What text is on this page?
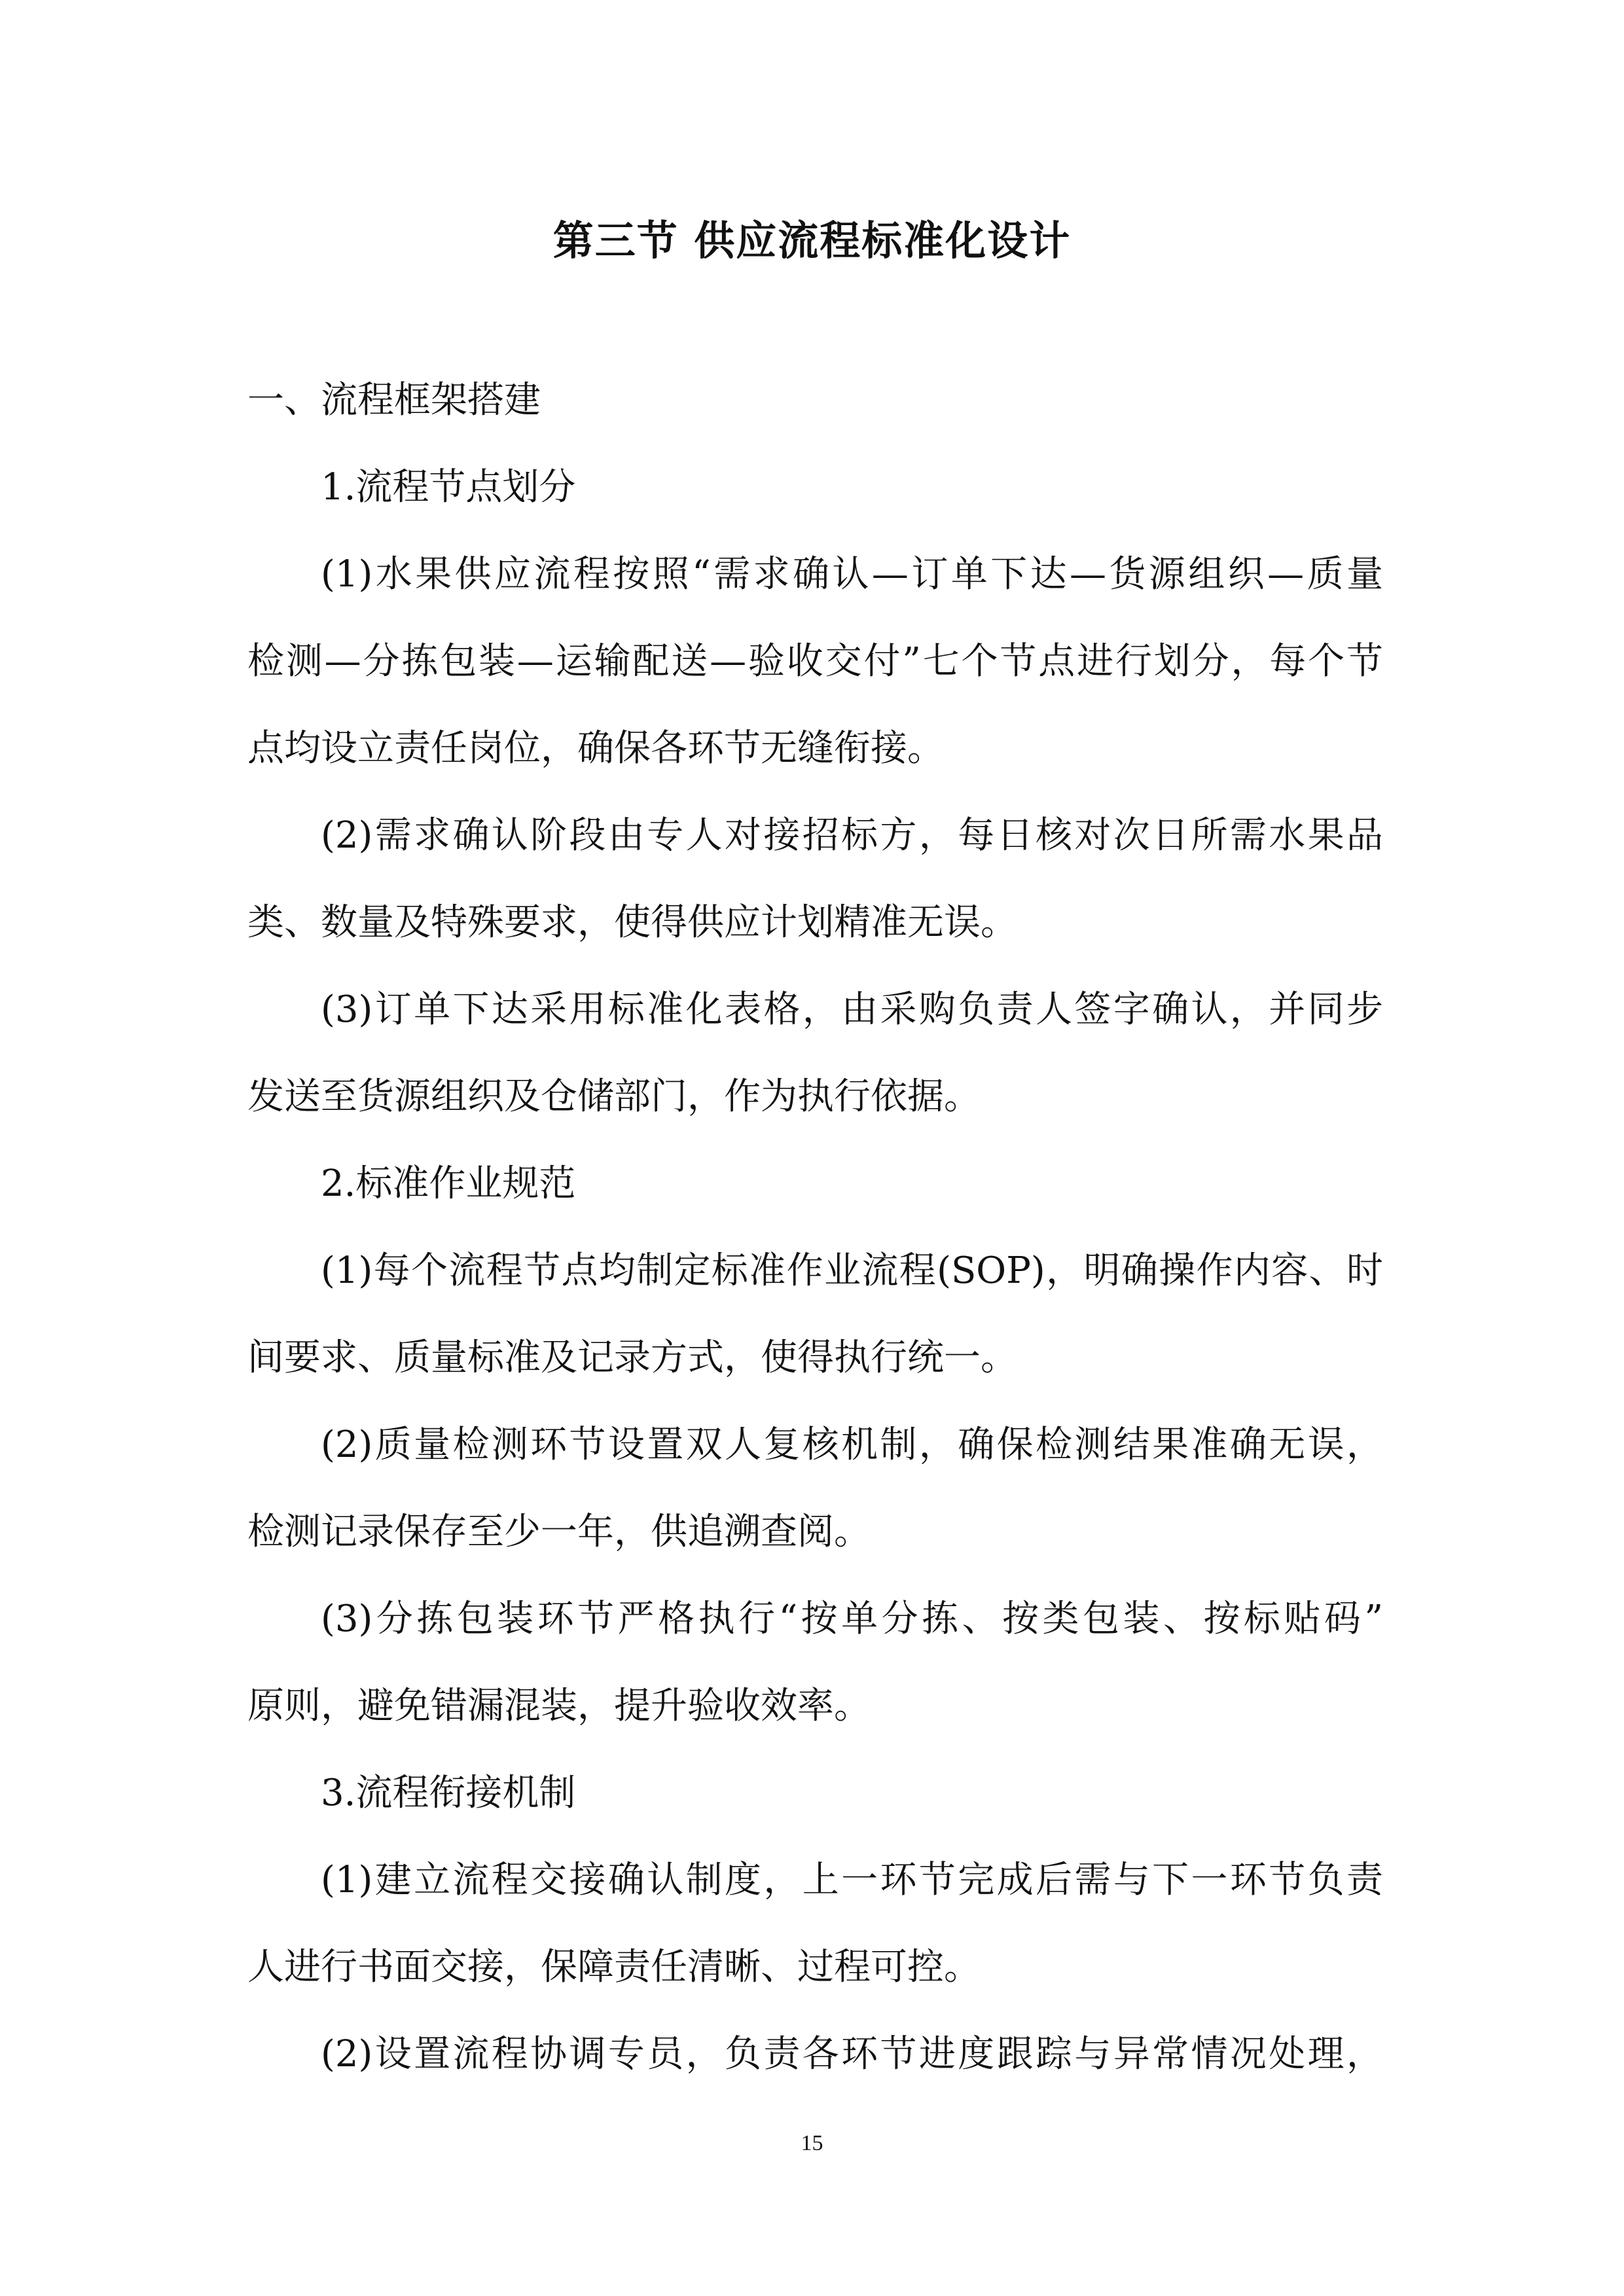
第三节 供应流程标准化设计
一、流程框架搭建
1.流程节点划分
(1)水果供应流程按照“需求确认—订单下达—货源组织—质量
检测—分拣包装—运输配送—验收交付”七个节点进行划分，每个节
点均设立责任岗位，确保各环节无缝衔接。
(2)需求确认阶段由专人对接招标方，每日核对次日所需水果品
类、数量及特殊要求，使得供应计划精准无误。
(3)订单下达采用标准化表格，由采购负责人签字确认，并同步
发送至货源组织及仓储部门，作为执行依据。
2.标准作业规范
(1)每个流程节点均制定标准作业流程(SOP)，明确操作内容、时
间要求、质量标准及记录方式，使得执行统一。
(2)质量检测环节设置双人复核机制，确保检测结果准确无误，
检测记录保存至少一年，供追溯查阅。
(3)分拣包装环节严格执行“按单分拣、按类包装、按标贴码”
原则，避免错漏混装，提升验收效率。
3.流程衔接机制
(1)建立流程交接确认制度，上一环节完成后需与下一环节负责
人进行书面交接，保障责任清晰、过程可控。
(2)设置流程协调专员，负责各环节进度跟踪与异常情况处理，
15
